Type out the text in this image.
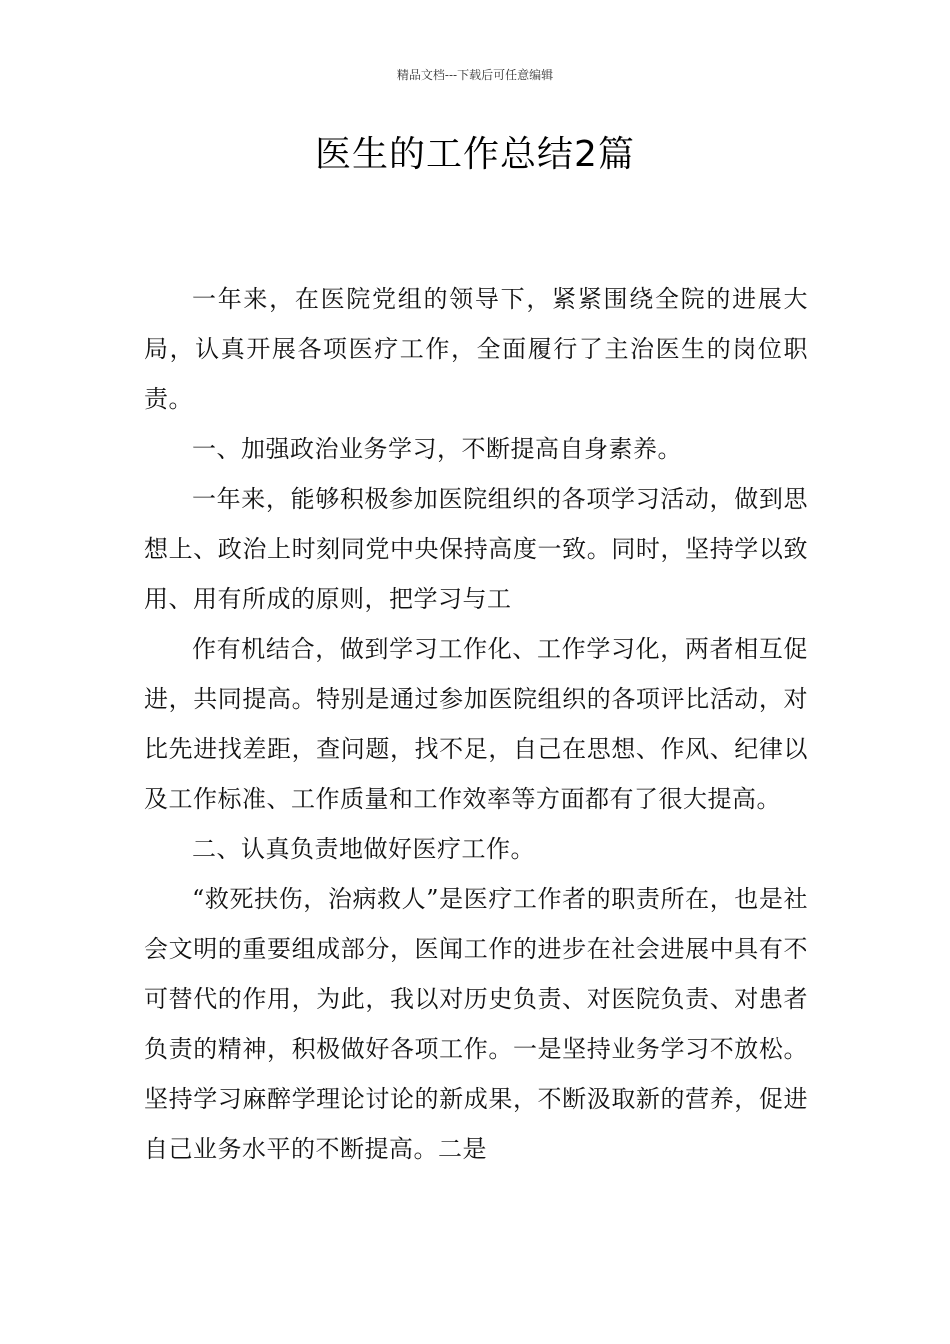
精品文档---下载后可任意编辑
医生的工作总结2篇

一年来，在医院党组的领导下，紧紧围绕全院的进展大局，认真开展各项医疗工作，全面履行了主治医生的岗位职责。

一、加强政治业务学习，不断提高自身素养。

一年来，能够积极参加医院组织的各项学习活动，做到思想上、政治上时刻同党中央保持高度一致。同时，坚持学以致用、用有所成的原则，把学习与工

作有机结合，做到学习工作化、工作学习化，两者相互促进，共同提高。特别是通过参加医院组织的各项评比活动，对比先进找差距，查问题，找不足，自己在思想、作风、纪律以及工作标准、工作质量和工作效率等方面都有了很大提高。

二、认真负责地做好医疗工作。

“救死扶伤，治病救人”是医疗工作者的职责所在，也是社会文明的重要组成部分，医闻工作的进步在社会进展中具有不可替代的作用，为此，我以对历史负责、对医院负责、对患者负责的精神，积极做好各项工作。一是坚持业务学习不放松。坚持学习麻醉学理论讨论的新成果，不断汲取新的营养，促进自己业务水平的不断提高。二是
